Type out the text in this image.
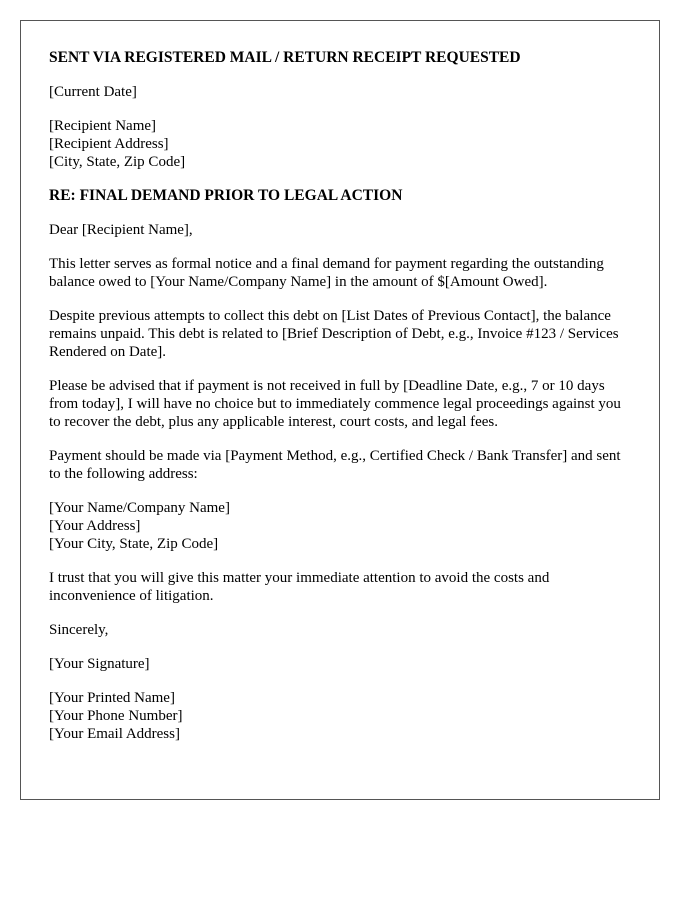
SENT VIA REGISTERED MAIL / RETURN RECEIPT REQUESTED
[Current Date]
[Recipient Name]
[Recipient Address]
[City, State, Zip Code]
RE: FINAL DEMAND PRIOR TO LEGAL ACTION
Dear [Recipient Name],
This letter serves as formal notice and a final demand for payment regarding the outstanding balance owed to [Your Name/Company Name] in the amount of $[Amount Owed].
Despite previous attempts to collect this debt on [List Dates of Previous Contact], the balance remains unpaid. This debt is related to [Brief Description of Debt, e.g., Invoice #123 / Services Rendered on Date].
Please be advised that if payment is not received in full by [Deadline Date, e.g., 7 or 10 days from today], I will have no choice but to immediately commence legal proceedings against you to recover the debt, plus any applicable interest, court costs, and legal fees.
Payment should be made via [Payment Method, e.g., Certified Check / Bank Transfer] and sent to the following address:
[Your Name/Company Name]
[Your Address]
[Your City, State, Zip Code]
I trust that you will give this matter your immediate attention to avoid the costs and inconvenience of litigation.
Sincerely,
[Your Signature]
[Your Printed Name]
[Your Phone Number]
[Your Email Address]
